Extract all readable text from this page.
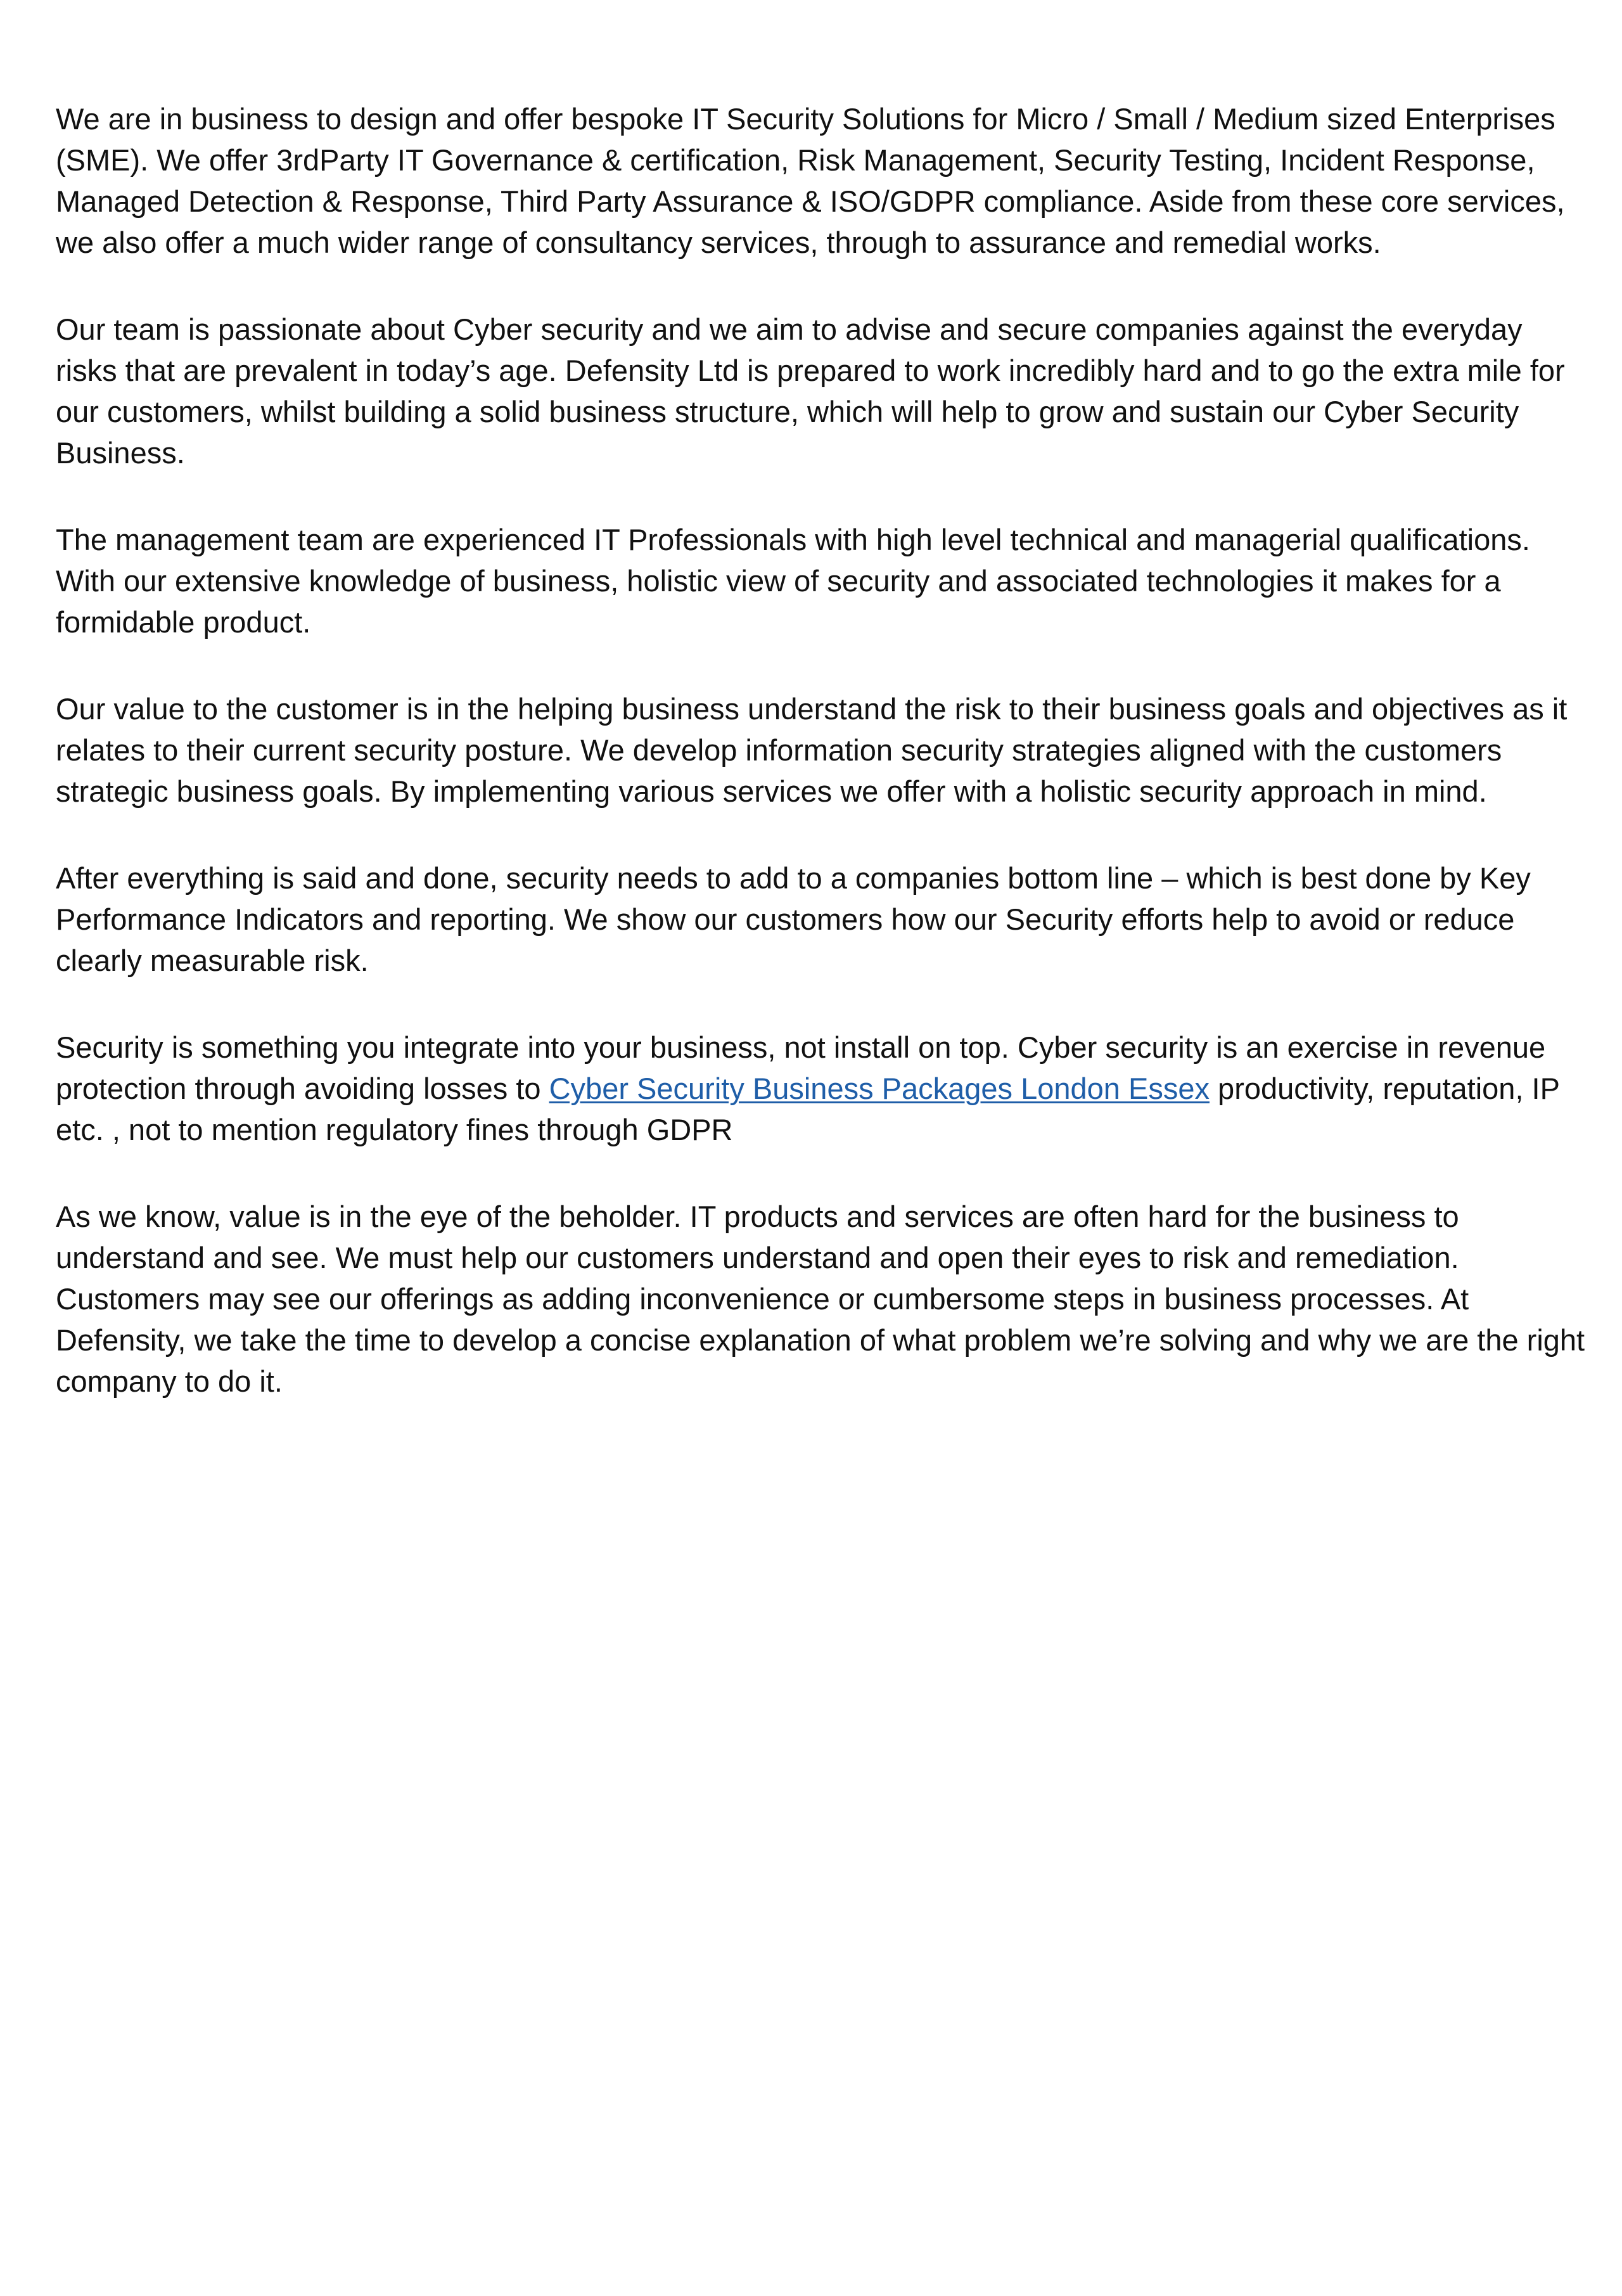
We are in business to design and offer bespoke IT Security Solutions for Micro / Small / Medium sized Enterprises (SME). We offer 3rdParty IT Governance & certification, Risk Management, Security Testing, Incident Response, Managed Detection & Response, Third Party Assurance & ISO/GDPR compliance. Aside from these core services, we also offer a much wider range of consultancy services, through to assurance and remedial works.

Our team is passionate about Cyber security and we aim to advise and secure companies against the everyday risks that are prevalent in today’s age. Defensity Ltd is prepared to work incredibly hard and to go the extra mile for our customers, whilst building a solid business structure, which will help to grow and sustain our Cyber Security Business.

The management team are experienced IT Professionals with high level technical and managerial qualifications. With our extensive knowledge of business, holistic view of security and associated technologies it makes for a formidable product.

Our value to the customer is in the helping business understand the risk to their business goals and objectives as it relates to their current security posture. We develop information security strategies aligned with the customers strategic business goals. By implementing various services we offer with a holistic security approach in mind.

After everything is said and done, security needs to add to a companies bottom line – which is best done by Key Performance Indicators and reporting. We show our customers how our Security efforts help to avoid or reduce clearly measurable risk.

Security is something you integrate into your business, not install on top. Cyber security is an exercise in revenue protection through avoiding losses to Cyber Security Business Packages London Essex productivity, reputation, IP etc. , not to mention regulatory fines through GDPR

As we know, value is in the eye of the beholder. IT products and services are often hard for the business to understand and see. We must help our customers understand and open their eyes to risk and remediation. Customers may see our offerings as adding inconvenience or cumbersome steps in business processes. At Defensity, we take the time to develop a concise explanation of what problem we’re solving and why we are the right company to do it.
